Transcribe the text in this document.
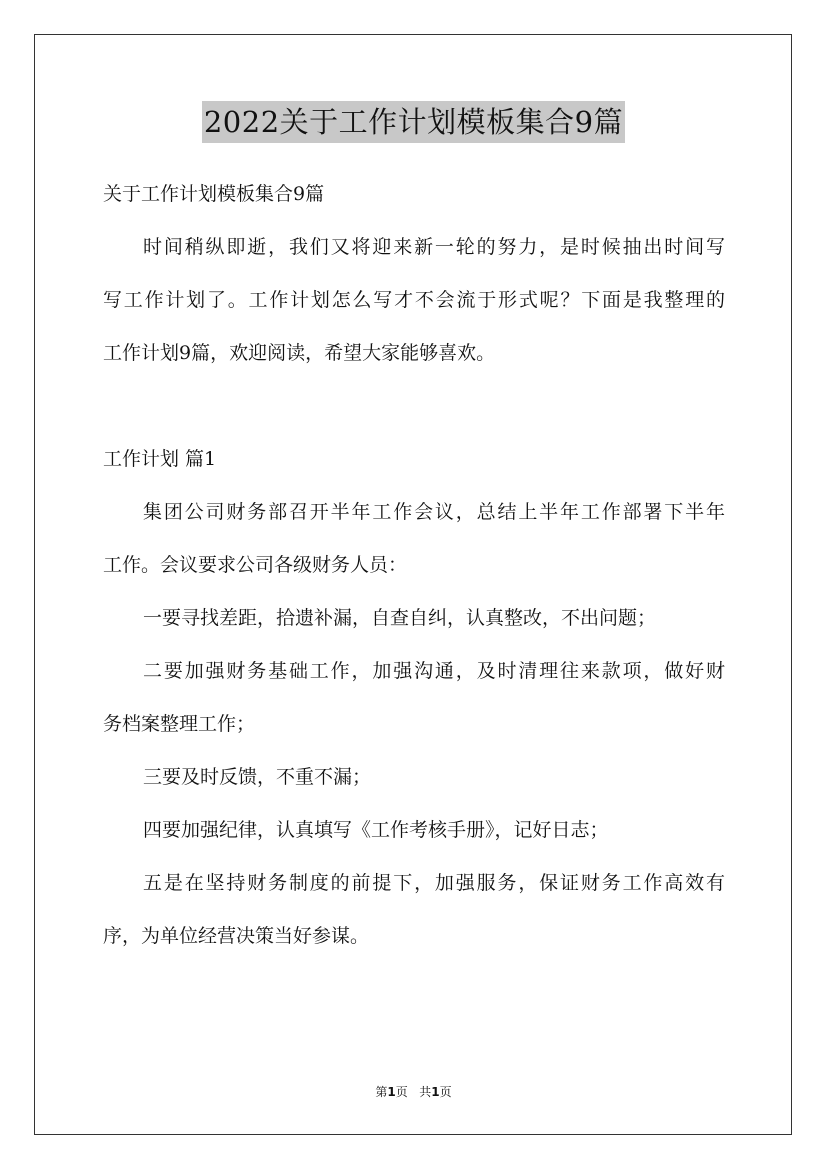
2022关于工作计划模板集合9篇
关于工作计划模板集合9篇
时间稍纵即逝，我们又将迎来新一轮的努力，是时候抽出时间写
写工作计划了。工作计划怎么写才不会流于形式呢？下面是我整理的
工作计划9篇，欢迎阅读，希望大家能够喜欢。
工作计划 篇1
集团公司财务部召开半年工作会议，总结上半年工作部署下半年
工作。会议要求公司各级财务人员：
一要寻找差距，拾遗补漏，自查自纠，认真整改，不出问题；
二要加强财务基础工作，加强沟通，及时清理往来款项，做好财
务档案整理工作；
三要及时反馈，不重不漏；
四要加强纪律，认真填写《工作考核手册》，记好日志；
五是在坚持财务制度的前提下，加强服务，保证财务工作高效有
序，为单位经营决策当好参谋。
第1页 共1页
